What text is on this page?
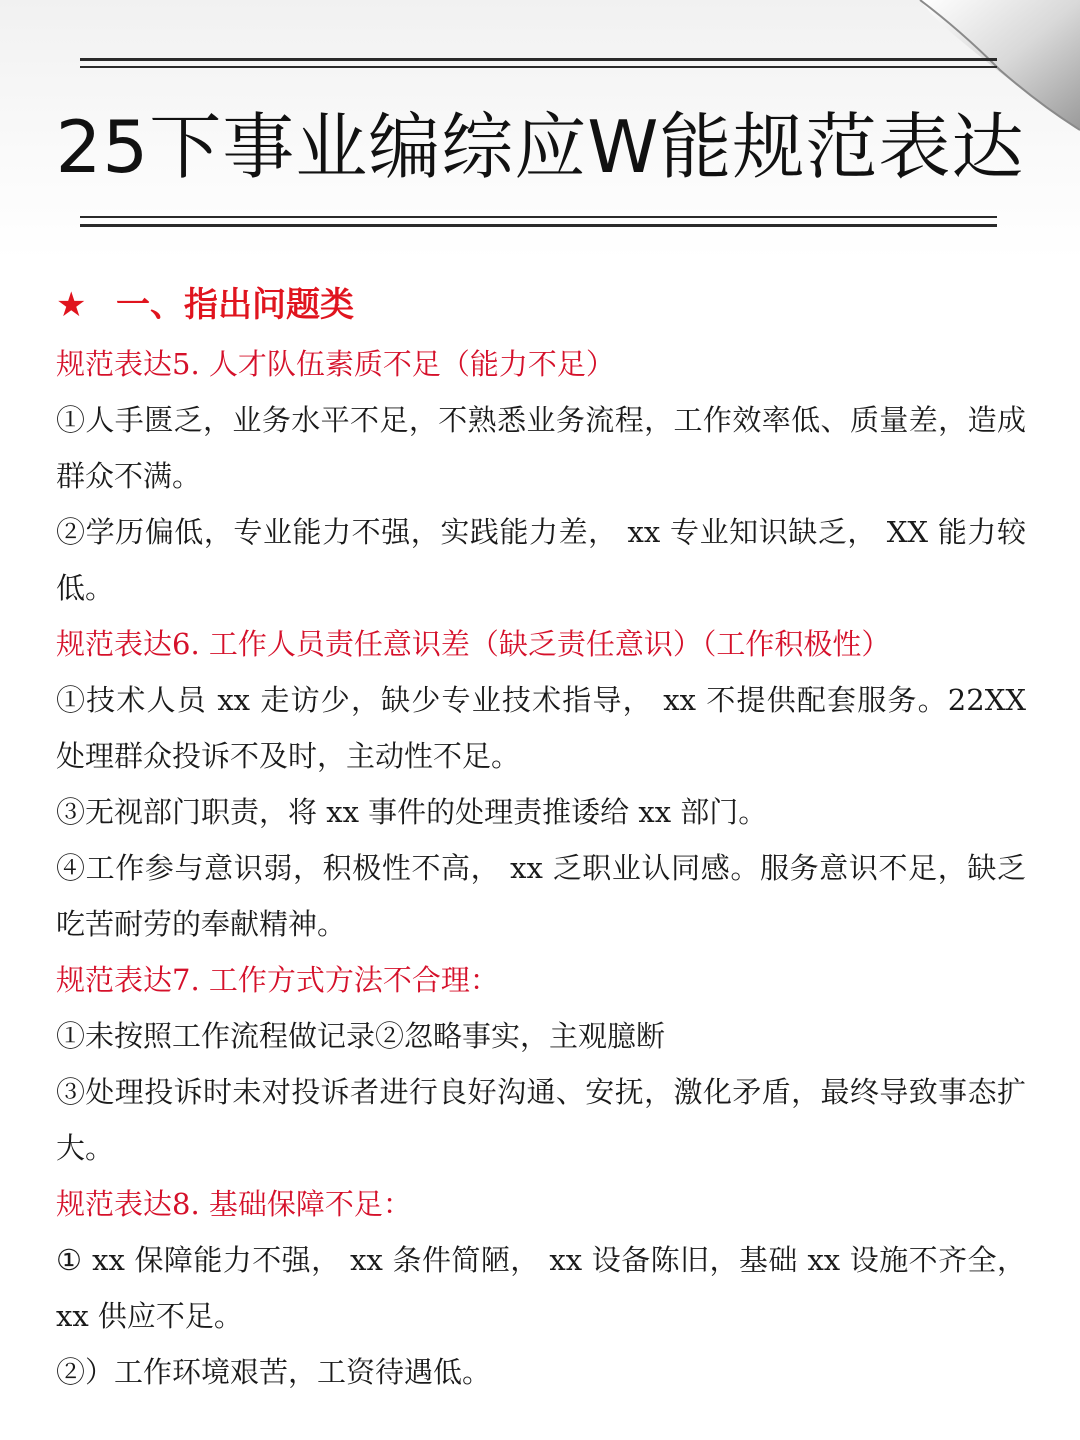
25下事业编综应W能规范表达
★ 一、指出问题类
规范表达5. 人才队伍素质不足（能力不足）
①人手匮乏，业务水平不足，不熟悉业务流程，工作效率低、质量差，造成群众不满。
②学历偏低，专业能力不强，实践能力差， xx 专业知识缺乏， XX 能力较低。
规范表达6. 工作人员责任意识差（缺乏责任意识）（工作积极性）
①技术人员 xx 走访少，缺少专业技术指导， xx 不提供配套服务。22XX 处理群众投诉不及时，主动性不足。
③无视部门职责，将 xx 事件的处理责推诿给 xx 部门。
④工作参与意识弱，积极性不高， xx 乏职业认同感。服务意识不足，缺乏吃苦耐劳的奉献精神。
规范表达7. 工作方式方法不合理：
①未按照工作流程做记录②忽略事实，主观臆断
③处理投诉时未对投诉者进行良好沟通、安抚，激化矛盾，最终导致事态扩大。
规范表达8. 基础保障不足：
① xx 保障能力不强， xx 条件简陋， xx 设备陈旧，基础 xx 设施不齐全， xx 供应不足。
②）工作环境艰苦，工资待遇低。
